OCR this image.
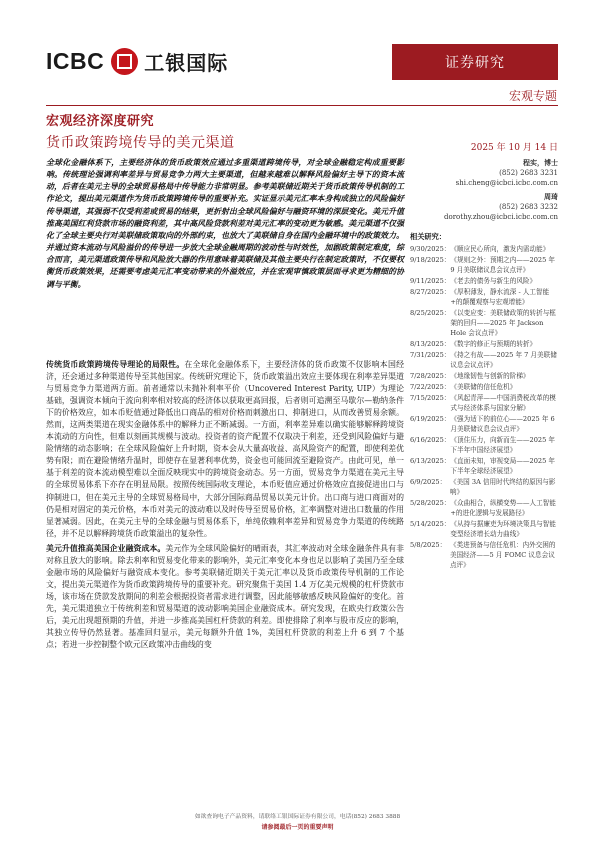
ICBC 工银国际	证券研究
宏观专题
宏观经济深度研究
货币政策跨境传导的美元渠道	2025 年 10 月 14 日
全球化金融体系下，主要经济体的货币政策效应通过多重渠道跨境传导，对全球金融稳定构成重要影响。传统理论强调利率差异与贸易竞争力两大主要渠道，但越来越难以解释风险偏好主导下的资本流动，后者在美元主导的全球贸易格局中传导能力非常明显。参考美联储近期关于货币政策传导机制的工作论文，提出美元渠道作为货币政策跨境传导的重要补充。实证显示美元汇率本身构成独立的风险偏好传导渠道，其强弱不仅受利差或贸易的结果，更折射出全球风险偏好与融资环境的深层变化。美元升值推高美国红利贷款市场的融资利差，其中高风险贷款利差对美元汇率的变动更为敏感。美元渠道不仅强化了全球主要央行对美联储政策取向的外部约束，也放大了美联储自身在国内金融环境中的政策效力。并通过资本流动与风险溢价的传导进一步放大全球金融周期的波动性与时效性，加剧政策制定难度，综合而言，美元渠道政策传导和风险放大器的作用意味着美联储及其他主要央行在制定政策时，不仅要权衡货币政策效果，还需要考虑美元汇率变动带来的外溢效应，并在宏观审慎政策层面寻求更为精细的协调与平衡。

传统货币政策跨境传导理论的局限性。在全球化金融体系下，主要经济体的货币政策不仅影响本国经济，还会通过多种渠道传导至其他国家。传统研究理论下，货币政策溢出效应主要体现在利率差异渠道与贸易竞争力渠道两方面。前者通常以未抛补利率平价（Uncovered Interest Parity, UIP）为理论基础，强调资本倾向于流向利率相对较高的经济体以获取更高回报，后者则可追溯至马歇尔—勒纳条件下的价格效应，如本币贬值通过降低出口商品的相对价格而刺激出口、抑制进口，从而改善贸易余额。然而，这两类渠道在现实金融体系中的解释力正不断减弱。一方面，利率差异难以确实能够解释跨境资本流动的方向性，但难以刻画其规模与波动。投资者的资产配置不仅取决于利差，还受到风险偏好与避险情绪的动态影响；在全球风险偏好上升时期，资本会从大量高收益、高风险资产的配置，即使利差优势有限；而在避险情绪升温时，即使存在显著利率优势，资金也可能回流至避险资产。由此可见，单一基于利差的资本流动模型难以全面反映现实中的跨境资金动态。另一方面，贸易竞争力渠道在美元主导的全球贸易体系下亦存在明显局限。按照传统国际收支理论，本币贬值应通过价格效应直接促进出口与抑制进口，但在美元主导的全球贸易格局中，大部分国际商品贸易以美元计价。出口商与进口商面对的仍是相对固定的美元价格，本币对美元的波动难以及时传导至贸易价格，汇率调整对进出口数量的作用显著减弱。因此，在美元主导的全球金融与贸易体系下，单纯依赖利率差异和贸易竞争力渠道的传统路径，并不足以解释跨境货币政策溢出的复杂性。

美元升值推高美国企业融资成本。美元作为全球风险偏好的晴雨表，其汇率波动对全球金融条件具有非对称且放大的影响。除去利率和贸易变化带来的影响外，美元汇率变化本身也足以影响了美国乃至全球金融市场的风险偏好与融资成本变化。参考美联储近期关于美元汇率以及货币政策传导机制的工作论文，提出美元渠道作为货币政策跨境传导的重要补充。研究聚焦于美国 1.4 万亿美元规模的杠杆贷款市场，该市场在贷款发放期间的利差会根据投资者需求进行调整，因此能够敏感反映风险偏好的变化。首先，美元渠道独立于传统利差和贸易渠道的波动影响美国企业融资成本。研究发现，在欧央行政策公告后，美元出现超预期的升值，并进一步推高美国杠杆贷款的利差。即使排除了利率与股市反应的影响，其独立传导仍然显著。基准回归显示，美元每额外升值 1%，美国杠杆贷款的利差上升 6 到 7 个基点；若进一步控制整个欧元区政策冲击曲线的变

程实，博士
(852) 2683 3231
shi.cheng@icbci.icbc.com.cn
周琦
(852) 2683 3232
dorothy.zhou@icbci.icbc.com.cn
相关研究：
9/30/2025： 《顺应民心所向，激发内需动能》
9/18/2025： 《规则之外：预期之内——2025 年 9 月美联储议息会议点评》
9/11/2025： 《老去的债务与新生的风险》
8/27/2025： 《厚积薄发，静水流深 - 人工智能+的颠覆观察与宏观增能》
8/25/2025： 《以变应变：美联储政策的转折与框架的回归——2025 年 Jackson Hole 会议点评》
8/13/2025： 《数字的修正与预期的转折》
7/31/2025： 《持之有故——2025 年 7 月美联储议息会议点评》
7/28/2025： 《地缘韧性与创新的阶梯》
7/22/2025： 《美联储的信任危机》
7/15/2025： 《风起青萍——中国消费税改革的模式与经济体系与国家分解》
6/19/2025： 《强为适下的前位心——2025 年 6 月美联储议息会议点评》
6/16/2025： 《顶住压力，向新而生——2025 年下半年中国经济展望》
6/13/2025： 《直面未知，审视变局——2025 年下半年全球经济展望》
6/9/2025： 《美国 3A 信用时代终结的原因与影响》
5/28/2025： 《众曲相合，纵横变势——人工智能+的进化逻辑与发展路径》
5/14/2025： 《从持与据廉吏为环境决策具与智能变型经济增长动力曲线》
5/8/2025： 《类进预备与信任危机：内外交困的美国经济——5 月 FOMC 议息会议点评》
如欲查询电子产品资料，请联络工银国际证券有限公司，电话(852) 2683 3888
请参阅最后一页的重要声明
